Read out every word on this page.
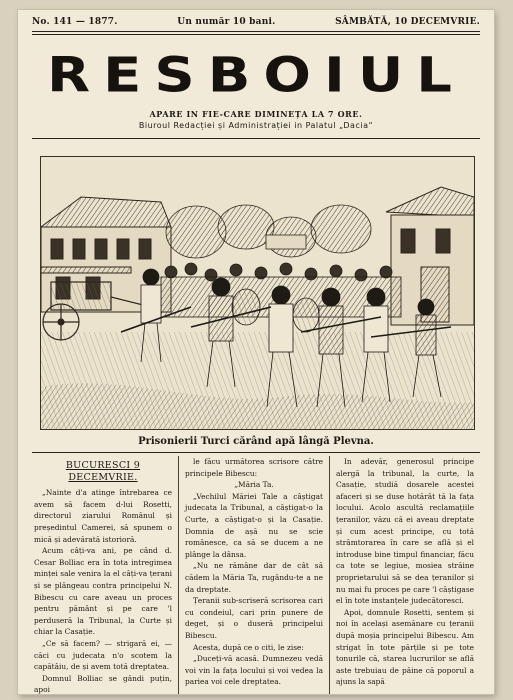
No. 141 — 1877.	Un număr 10 bani.	SÂMBĂTĂ, 10 DECEMVRIE.
RESBOIUL
APARE IN FIE-CARE DIMINEȚA LA 7 ORE.
Biuroul Redacției și Administrației in Palatul „Dacia“
Prisonierii Turci cărând apă lângă Plevna.

BUCURESCI 9 DECEMVRIE.

„Nainte d'a atinge întrebarea ce avem să facem d-lui Rosetti, directorul ziarului Românul și președintul Camerei, să spunem o mică și adevărată istorioră.

Acum câți-va ani, pe când d. Cesar Bolliac era în tota intregimea minței sale venira la el câți-va țerani și se plângeau contra principelui N. Bibescu cu care aveau un proces pentru pământ și pe care 'l perduseră la Tribunal, la Curte și chiar la Casație.

„Ce să facem? — strigară ei, — căci cu judecata n'o scotem la capătâiu, de și avem totă dreptatea.

Domnul Bolliac se gândi puțin, apoi

le făcu următorea scrisore către principele Bibescu:

„Măria Ta.

„Vechilul Măriei Tale a câștigat judecata la Tribunal, a câștigat-o la Curte, a câștigat-o și la Casație. Domnia de așă nu se scie românesce, ca să se ducem a ne plânge la dânsa.

„Nu ne rămâne dar de cât să cădem la Măria Ta, rugându-te a ne da dreptate.

Țeranii sub-scriseră scrisorea cari cu condeiul, cari prin punere de deget, și o duseră principelui Bibescu.

Acesta, după ce o citi, le zise:

„Duceți-vă acasă. Dumnezeu vedă voi vin la fața locului și voi vedea la pariea voi cele dreptatea.

In adevăr, generosul principe alergă la tribunal, la curte, la Casație, studiă dosarele acestei afaceri și se duse hotărât tă la fața locului. Acolo ascultă reclamațiile țeranilor, văzu că ei aveau dreptate și cum acest principe, cu totă strâmtorarea în care se află și el introduse bine timpul financiar, făcu ca tote se legiue, mosiea străine proprietarului să se dea țeranilor și nu mai fu proces pe care 'l câștigase el în tote instanțele judecătoresci.

Apoi, domnule Rosetti, sentem și noi în același asemănare cu țeranii după moșia principelui Bibescu. Am strigat în tote părțile și pe tote tonurile că, starea lucrurilor se află aste trebuiau de pâine că poporul a ajuns la sapă
